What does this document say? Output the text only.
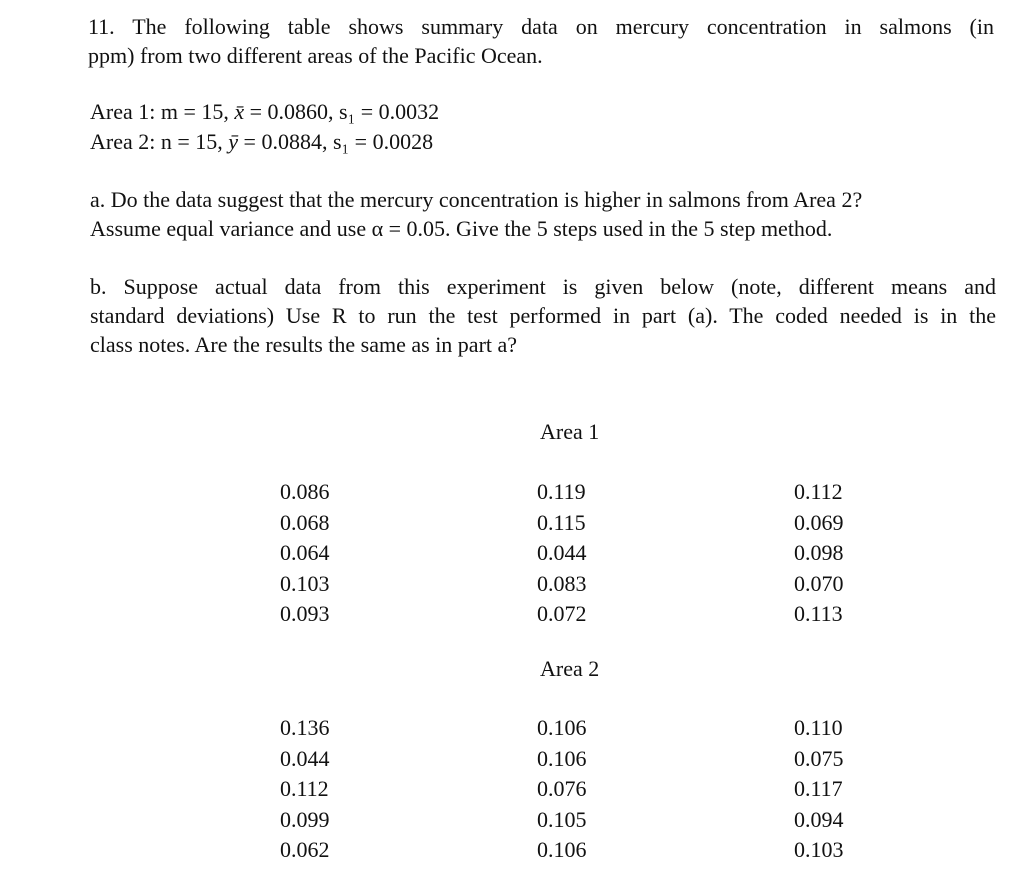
11. The following table shows summary data on mercury concentration in salmons (in
ppm) from two different areas of the Pacific Ocean.
Area 1: m = 15, x̄ = 0.0860, s₁ = 0.0032
Area 2: n = 15, ȳ = 0.0884, s₁ = 0.0028
a. Do the data suggest that the mercury concentration is higher in salmons from Area 2?
Assume equal variance and use α = 0.05. Give the 5 steps used in the 5 step method.
b. Suppose actual data from this experiment is given below (note, different means and
standard deviations) Use R to run the test performed in part (a). The coded needed is in the
class notes. Are the results the same as in part a?
Area 1
0.086
0.068
0.064
0.103
0.093
0.119
0.115
0.044
0.083
0.072
0.112
0.069
0.098
0.070
0.113
Area 2
0.136
0.044
0.112
0.099
0.062
0.106
0.106
0.076
0.105
0.106
0.110
0.075
0.117
0.094
0.103
